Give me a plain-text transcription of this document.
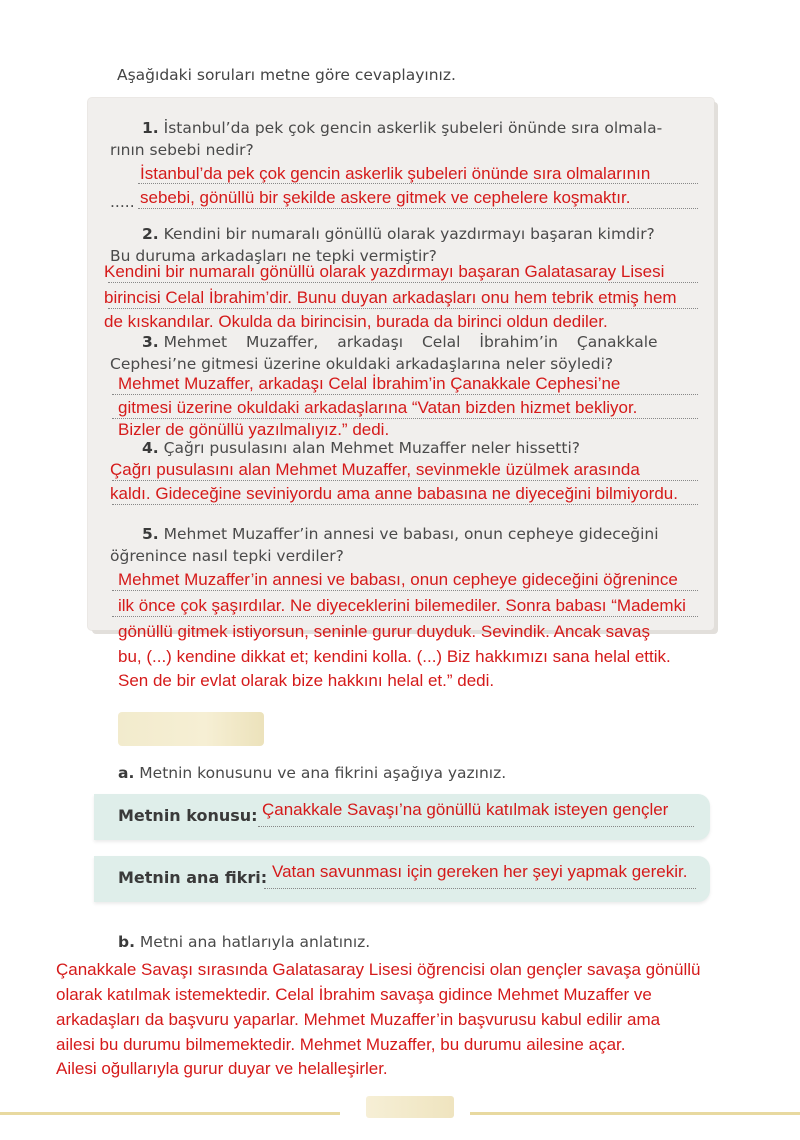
Aşağıdaki soruları metne göre cevaplayınız.
1. İstanbul’da pek çok gencin askerlik şubeleri önünde sıra olmala-
rının sebebi nedir?
İstanbul’da pek çok gencin askerlik şubeleri önünde sıra olmalarının
..... sebebi, gönüllü bir şekilde askere gitmek ve cephelere koşmaktır.
2. Kendini bir numaralı gönüllü olarak yazdırmayı başaran kimdir?
Bu duruma arkadaşları ne tepki vermiştir?
Kendini bir numaralı gönüllü olarak yazdırmayı başaran Galatasaray Lisesi
birincisi Celal İbrahim’dir. Bunu duyan arkadaşları onu hem tebrik etmiş hem
de kıskandılar. Okulda da birincisin, burada da birinci oldun dediler.
3. Mehmet Muzaffer, arkadaşı Celal İbrahim’in Çanakkale
Cephesi’ne gitmesi üzerine okuldaki arkadaşlarına neler söyledi?
Mehmet Muzaffer, arkadaşı Celal İbrahim’in Çanakkale Cephesi’ne
gitmesi üzerine okuldaki arkadaşlarına “Vatan bizden hizmet bekliyor.
Bizler de gönüllü yazılmalıyız.” dedi.
4. Çağrı pusulasını alan Mehmet Muzaffer neler hissetti?
Çağrı pusulasını alan Mehmet Muzaffer, sevinmekle üzülmek arasında
kaldı. Gideceğine seviniyordu ama anne babasına ne diyeceğini bilmiyordu.
5. Mehmet Muzaffer’in annesi ve babası, onun cepheye gideceğini
öğrenince nasıl tepki verdiler?
Mehmet Muzaffer’in annesi ve babası, onun cepheye gideceğini öğrenince
ilk önce çok şaşırdılar. Ne diyeceklerini bilemediler. Sonra babası “Mademki
gönüllü gitmek istiyorsun, seninle gurur duyduk. Sevindik. Ancak savaş
bu, (...) kendine dikkat et; kendini kolla. (...) Biz hakkımızı sana helal ettik.
Sen de bir evlat olarak bize hakkını helal et.” dedi.
a. Metnin konusunu ve ana fikrini aşağıya yazınız.
Metnin konusu: Çanakkale Savaşı’na gönüllü katılmak isteyen gençler
Metnin ana fikri: Vatan savunması için gereken her şeyi yapmak gerekir.
b. Metni ana hatlarıyla anlatınız.
Çanakkale Savaşı sırasında Galatasaray Lisesi öğrencisi olan gençler savaşa gönüllü
olarak katılmak istemektedir. Celal İbrahim savaşa gidince Mehmet Muzaffer ve
arkadaşları da başvuru yaparlar. Mehmet Muzaffer’in başvurusu kabul edilir ama
ailesi bu durumu bilmemektedir. Mehmet Muzaffer, bu durumu ailesine açar.
Ailesi oğullarıyla gurur duyar ve helalleşirler.
